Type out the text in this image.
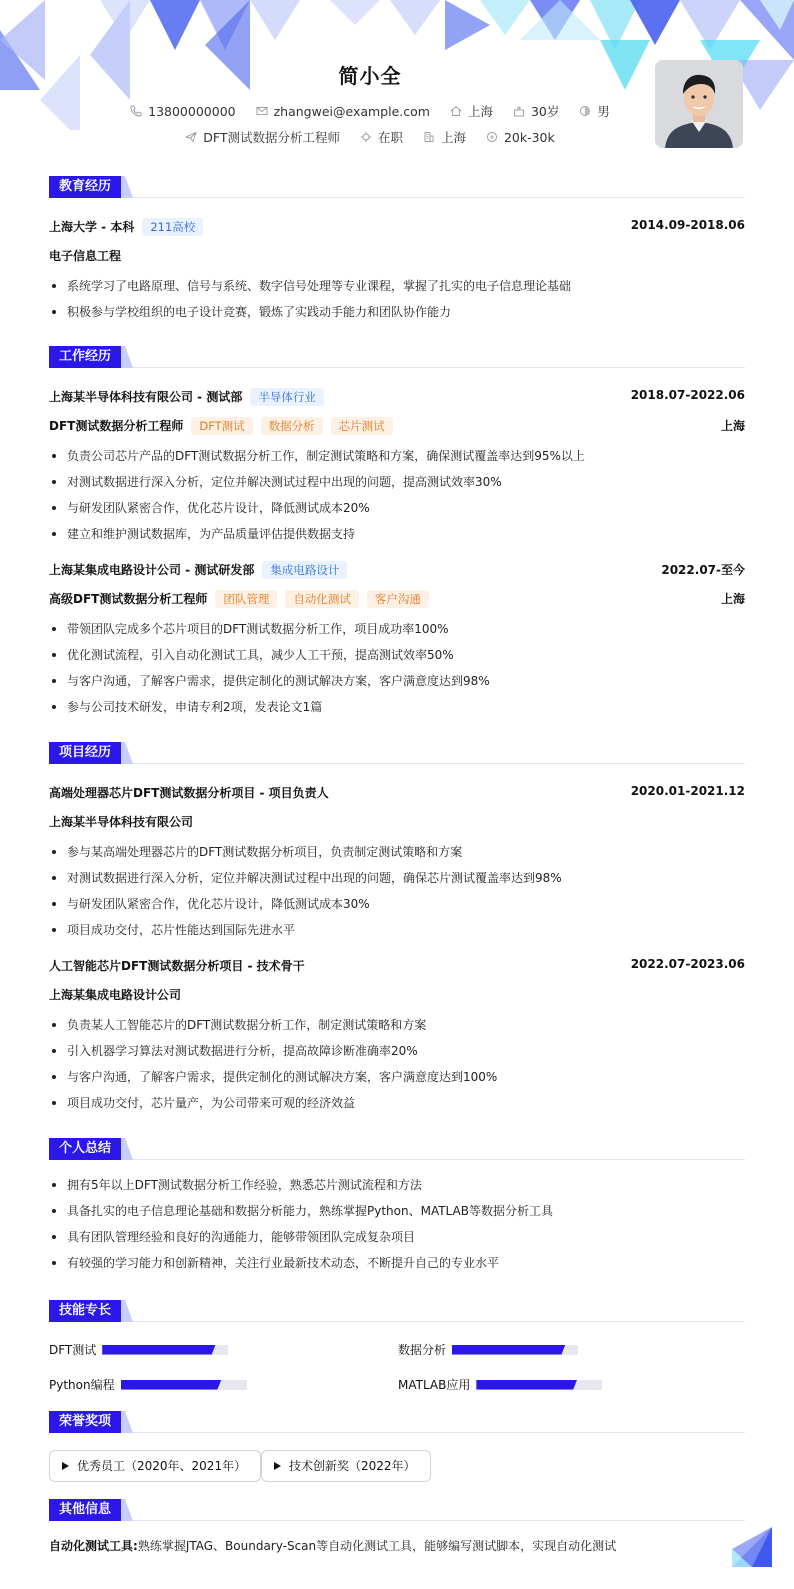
简小全
13800000000	zhangwei@example.com	上海	30岁	男
DFT测试数据分析工程师	在职	上海	20k-30k
教育经历
上海大学 - 本科 211高校	2014.09-2018.06
电子信息工程
系统学习了电路原理、信号与系统、数字信号处理等专业课程，掌握了扎实的电子信息理论基础
积极参与学校组织的电子设计竞赛，锻炼了实践动手能力和团队协作能力
工作经历
上海某半导体科技有限公司 - 测试部 半导体行业	2018.07-2022.06
DFT测试数据分析工程师 DFT测试 数据分析 芯片测试	上海
负责公司芯片产品的DFT测试数据分析工作，制定测试策略和方案，确保测试覆盖率达到95%以上
对测试数据进行深入分析，定位并解决测试过程中出现的问题，提高测试效率30%
与研发团队紧密合作，优化芯片设计，降低测试成本20%
建立和维护测试数据库，为产品质量评估提供数据支持
上海某集成电路设计公司 - 测试研发部 集成电路设计	2022.07-至今
高级DFT测试数据分析工程师 团队管理 自动化测试 客户沟通	上海
带领团队完成多个芯片项目的DFT测试数据分析工作，项目成功率100%
优化测试流程，引入自动化测试工具，减少人工干预，提高测试效率50%
与客户沟通，了解客户需求，提供定制化的测试解决方案，客户满意度达到98%
参与公司技术研发，申请专利2项，发表论文1篇
项目经历
高端处理器芯片DFT测试数据分析项目 - 项目负责人	2020.01-2021.12
上海某半导体科技有限公司
参与某高端处理器芯片的DFT测试数据分析项目，负责制定测试策略和方案
对测试数据进行深入分析，定位并解决测试过程中出现的问题，确保芯片测试覆盖率达到98%
与研发团队紧密合作，优化芯片设计，降低测试成本30%
项目成功交付，芯片性能达到国际先进水平
人工智能芯片DFT测试数据分析项目 - 技术骨干	2022.07-2023.06
上海某集成电路设计公司
负责某人工智能芯片的DFT测试数据分析工作，制定测试策略和方案
引入机器学习算法对测试数据进行分析，提高故障诊断准确率20%
与客户沟通，了解客户需求，提供定制化的测试解决方案，客户满意度达到100%
项目成功交付，芯片量产，为公司带来可观的经济效益
个人总结
拥有5年以上DFT测试数据分析工作经验，熟悉芯片测试流程和方法
具备扎实的电子信息理论基础和数据分析能力，熟练掌握Python、MATLAB等数据分析工具
具有团队管理经验和良好的沟通能力，能够带领团队完成复杂项目
有较强的学习能力和创新精神，关注行业最新技术动态，不断提升自己的专业水平
技能专长
DFT测试	数据分析
Python编程	MATLAB应用
荣誉奖项
优秀员工（2020年、2021年）	技术创新奖（2022年）
其他信息
自动化测试工具:熟练掌握JTAG、Boundary-Scan等自动化测试工具，能够编写测试脚本，实现自动化测试
